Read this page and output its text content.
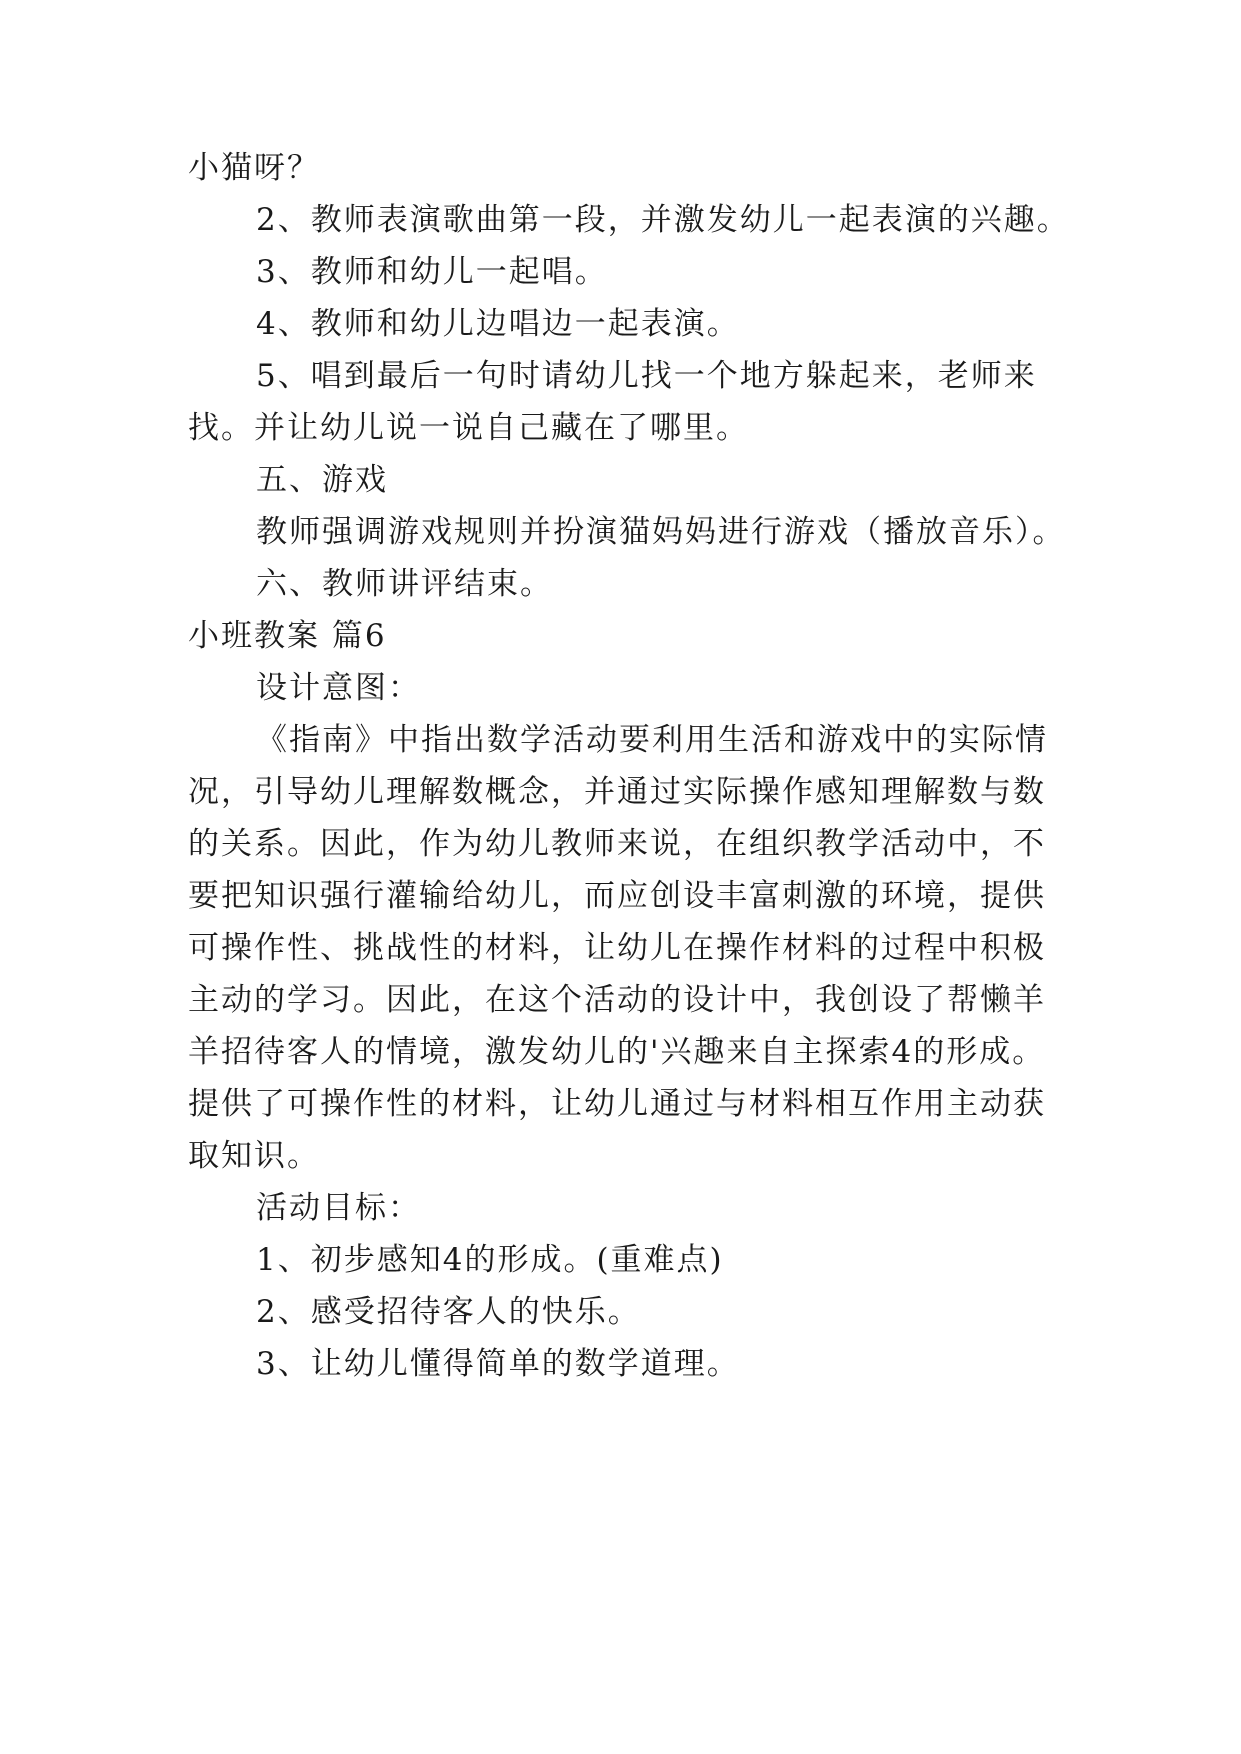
小猫呀？
2、教师表演歌曲第一段，并激发幼儿一起表演的兴趣。
3、教师和幼儿一起唱。
4、教师和幼儿边唱边一起表演。
5、唱到最后一句时请幼儿找一个地方躲起来，老师来
找。并让幼儿说一说自己藏在了哪里。
五、游戏
教师强调游戏规则并扮演猫妈妈进行游戏（播放音乐）。
六、教师讲评结束。
小班教案 篇6
设计意图：
《指南》中指出数学活动要利用生活和游戏中的实际情
况，引导幼儿理解数概念，并通过实际操作感知理解数与数
的关系。因此，作为幼儿教师来说，在组织教学活动中，不
要把知识强行灌输给幼儿，而应创设丰富刺激的环境，提供
可操作性、挑战性的材料，让幼儿在操作材料的过程中积极
主动的学习。因此，在这个活动的设计中，我创设了帮懒羊
羊招待客人的情境，激发幼儿的'兴趣来自主探索4的形成。
提供了可操作性的材料，让幼儿通过与材料相互作用主动获
取知识。
活动目标：
1、初步感知4的形成。(重难点)
2、感受招待客人的快乐。
3、让幼儿懂得简单的数学道理。
